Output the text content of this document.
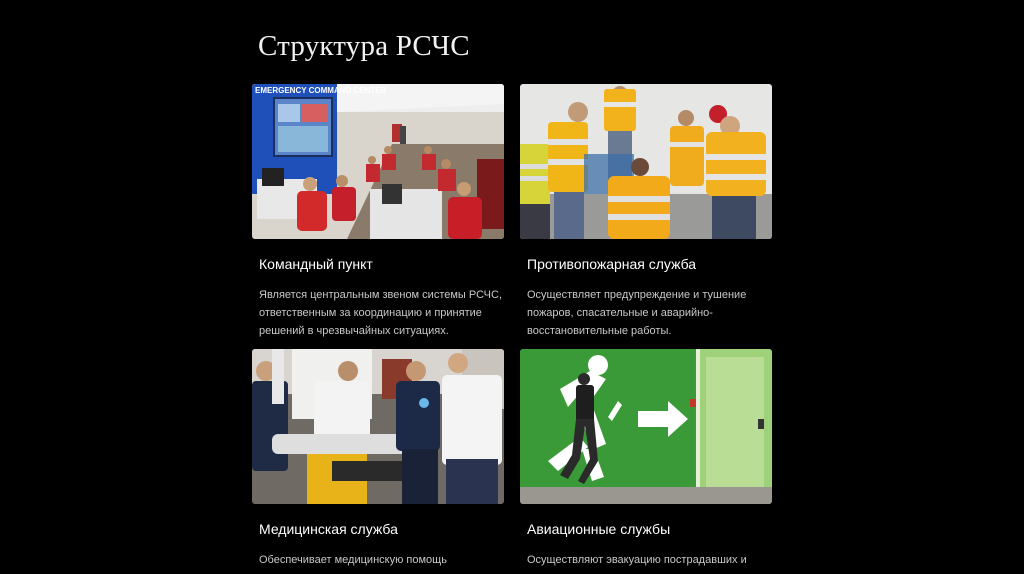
Структура РСЧС
EMERGENCY COMMAND CENTER
Командный пункт
Является центральным звеном системы РСЧС, ответственным за координацию и принятие решений в чрезвычайных ситуациях.
Противопожарная служба
Осуществляет предупреждение и тушение пожаров, спасательные и аварийно-восстановительные работы.
Медицинская служба
Обеспечивает медицинскую помощь
Авиационные службы
Осуществляют эвакуацию пострадавших и
